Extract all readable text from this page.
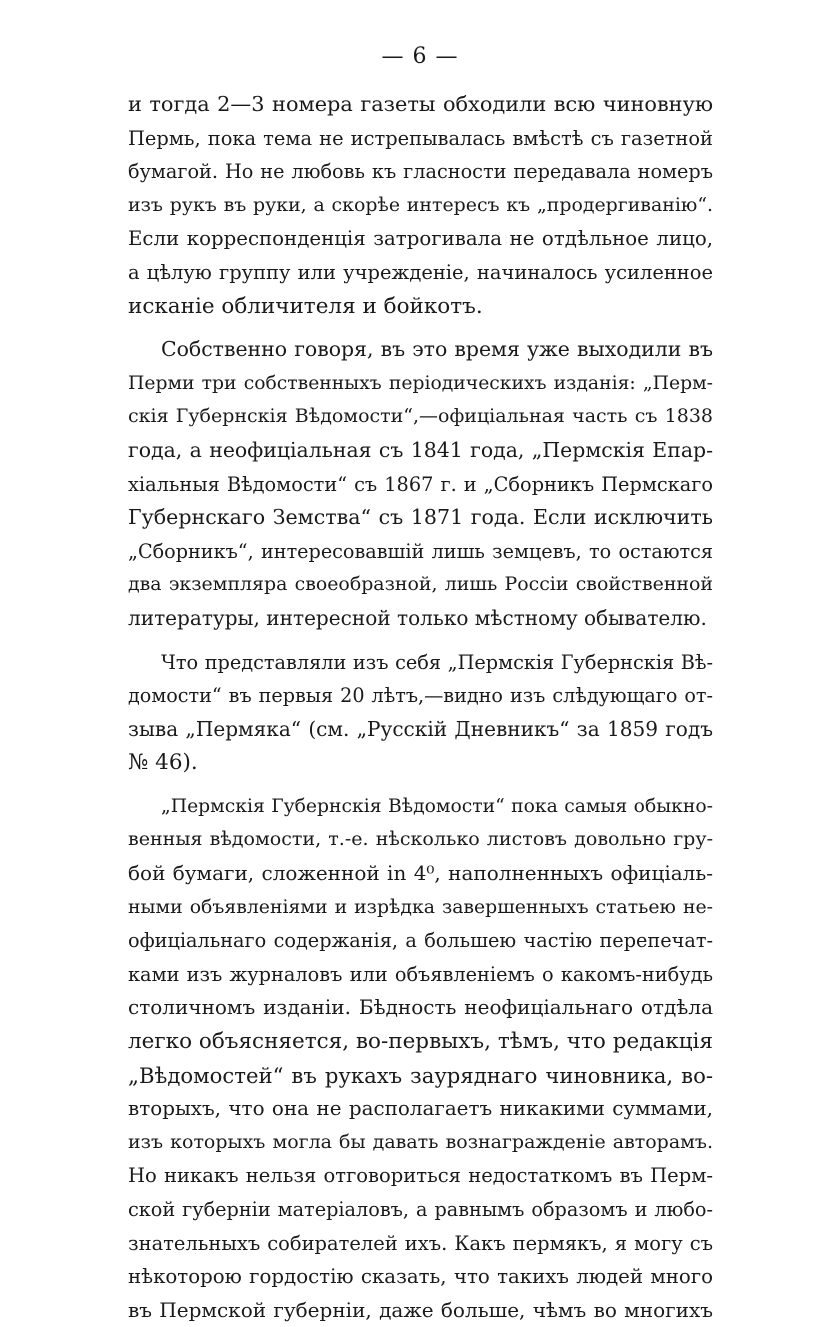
— 6 —
и тогда 2—3 номера газеты обходили всю чиновную
Пермь, пока тема не истрепывалась вмѣстѣ съ газетной
бумагой. Но не любовь къ гласности передавала номеръ
изъ рукъ въ руки, а скорѣе интересъ къ „продергиванію“.
Если корреспонденція затрогивала не отдѣльное лицо,
а цѣлую группу или учрежденіе, начиналось усиленное
исканіе обличителя и бойкотъ.
Собственно говоря, въ это время уже выходили въ
Перми три собственныхъ періодическихъ изданія: „Перм-
скія Губернскія Вѣдомости“,—офиціальная часть съ 1838
года, а неофиціальная съ 1841 года, „Пермскія Епар-
хіальныя Вѣдомости“ съ 1867 г. и „Сборникъ Пермскаго
Губернскаго Земства“ съ 1871 года. Если исключить
„Сборникъ“, интересовавшій лишь земцевъ, то остаются
два экземпляра своеобразной, лишь Россіи свойственной
литературы, интересной только мѣстному обывателю.
Что представляли изъ себя „Пермскія Губернскія Вѣ-
домости“ въ первыя 20 лѣтъ,—видно изъ слѣдующаго от-
зыва „Пермяка“ (см. „Русскій Дневникъ“ за 1859 годъ
№ 46).
„Пермскія Губернскія Вѣдомости“ пока самыя обыкно-
венныя вѣдомости, т.-е. нѣсколько листовъ довольно гру-
бой бумаги, сложенной in 4⁰, наполненныхъ офиціаль-
ными объявленіями и изрѣдка завершенныхъ статьею не-
офиціальнаго содержанія, а большею частію перепечат-
ками изъ журналовъ или объявленіемъ о какомъ-нибудь
столичномъ изданіи. Бѣдность неофиціальнаго отдѣла
легко объясняется, во-первыхъ, тѣмъ, что редакція
„Вѣдомостей“ въ рукахъ зауряднаго чиновника, во-
вторыхъ, что она не располагаетъ никакими суммами,
изъ которыхъ могла бы давать вознагражденіе авторамъ.
Но никакъ нельзя отговориться недостаткомъ въ Перм-
ской губерніи матеріаловъ, а равнымъ образомъ и любо-
знательныхъ собирателей ихъ. Какъ пермякъ, я могу съ
нѣкоторою гордостію сказать, что такихъ людей много
въ Пермской губерніи, даже больше, чѣмъ во многихъ
